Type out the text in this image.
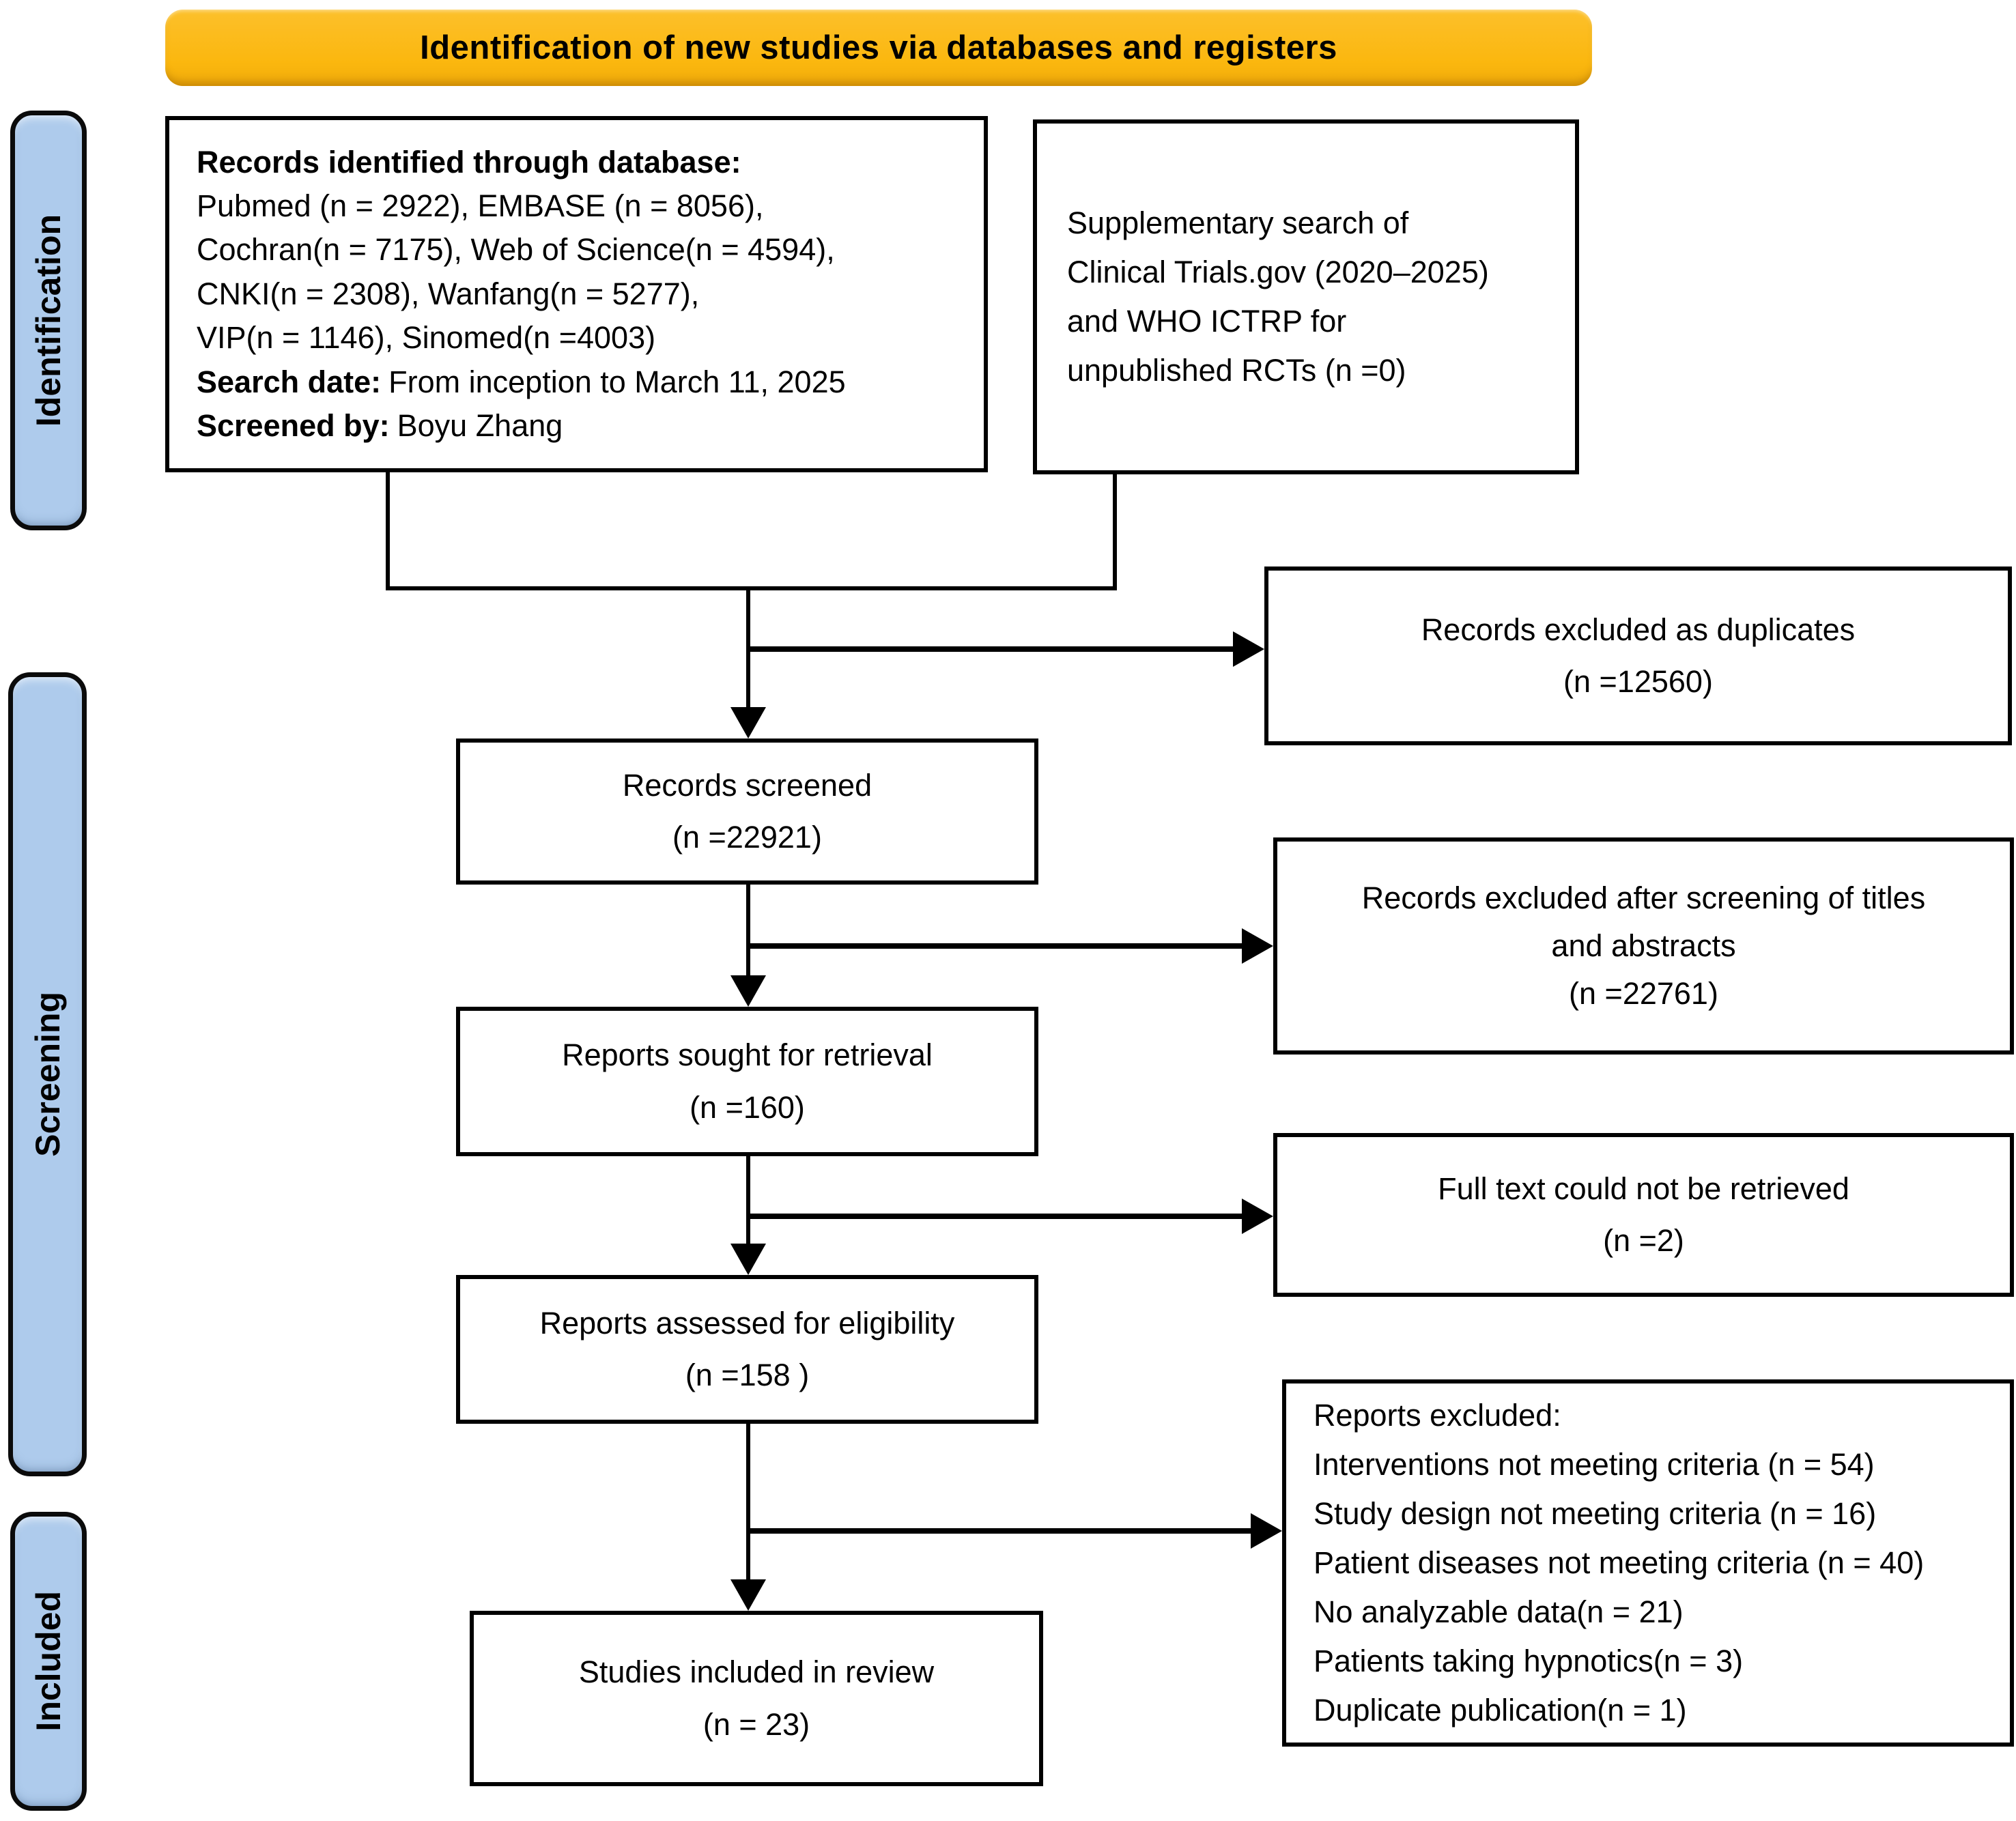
Identification of new studies via databases and registers
Identification
Screening
Included
Records identified through database:
Pubmed (n = 2922), EMBASE (n = 8056),
Cochran(n = 7175), Web of Science(n = 4594),
CNKI(n = 2308), Wanfang(n = 5277),
VIP(n = 1146), Sinomed(n =4003)
Search date: From inception to March 11, 2025
Screened by: Boyu Zhang
Supplementary search of
Clinical Trials.gov (2020–2025)
and WHO ICTRP for
unpublished RCTs (n =0)
Records excluded as duplicates
(n =12560)
Records screened
(n =22921)
Records excluded after screening of titles
and abstracts
(n =22761)
Reports sought for retrieval
(n =160)
Full text could not be retrieved
(n =2)
Reports assessed for eligibility
(n =158 )
Reports excluded:
Interventions not meeting criteria (n = 54)
Study design not meeting criteria (n = 16)
Patient diseases not meeting criteria (n = 40)
No analyzable data(n = 21)
Patients taking hypnotics(n = 3)
Duplicate publication(n = 1)
Studies included in review
(n = 23)
